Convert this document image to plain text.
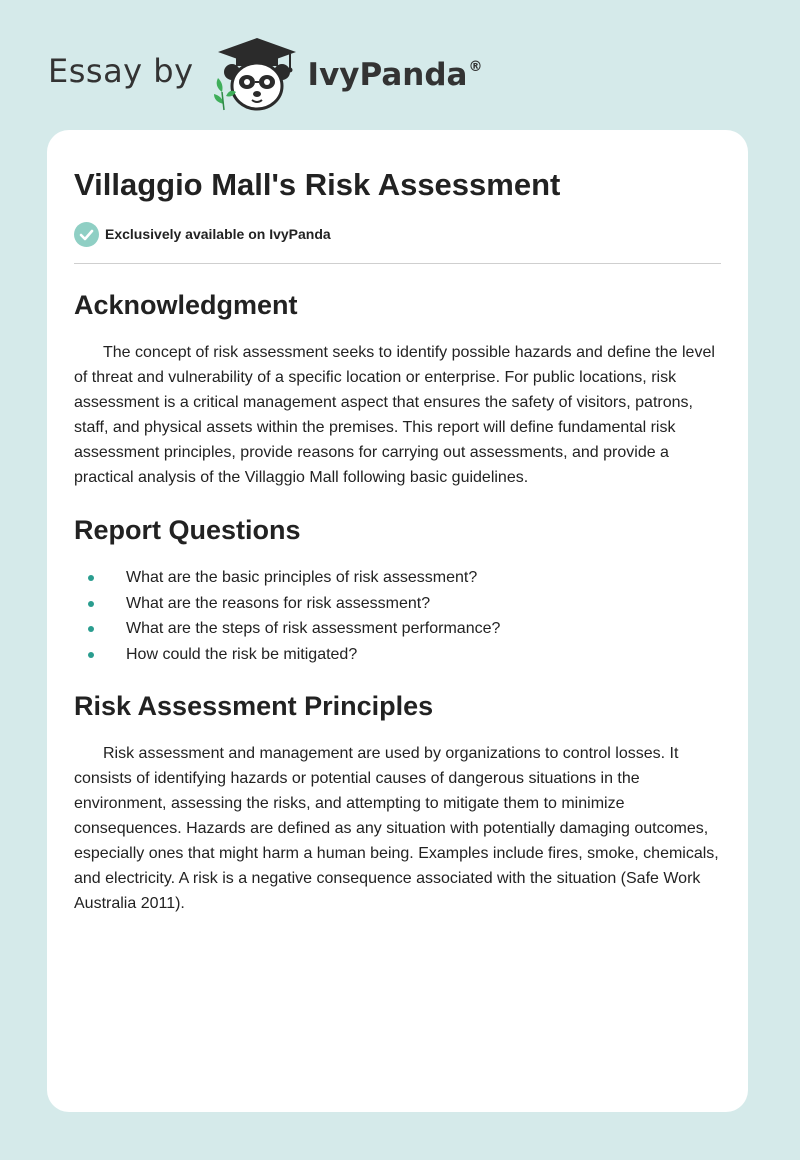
Essay by	IvyPanda®
Villaggio Mall's Risk Assessment
Exclusively available on IvyPanda
Acknowledgment

The concept of risk assessment seeks to identify possible hazards and define the level of threat and vulnerability of a specific location or enterprise. For public locations, risk assessment is a critical management aspect that ensures the safety of visitors, patrons, staff, and physical assets within the premises. This report will define fundamental risk assessment principles, provide reasons for carrying out assessments, and provide a practical analysis of the Villaggio Mall following basic guidelines.

Report Questions
What are the basic principles of risk assessment?
What are the reasons for risk assessment?
What are the steps of risk assessment performance?
How could the risk be mitigated?
Risk Assessment Principles

Risk assessment and management are used by organizations to control losses. It consists of identifying hazards or potential causes of dangerous situations in the environment, assessing the risks, and attempting to mitigate them to minimize consequences. Hazards are defined as any situation with potentially damaging outcomes, especially ones that might harm a human being. Examples include fires, smoke, chemicals, and electricity. A risk is a negative consequence associated with the situation (Safe Work Australia 2011).
